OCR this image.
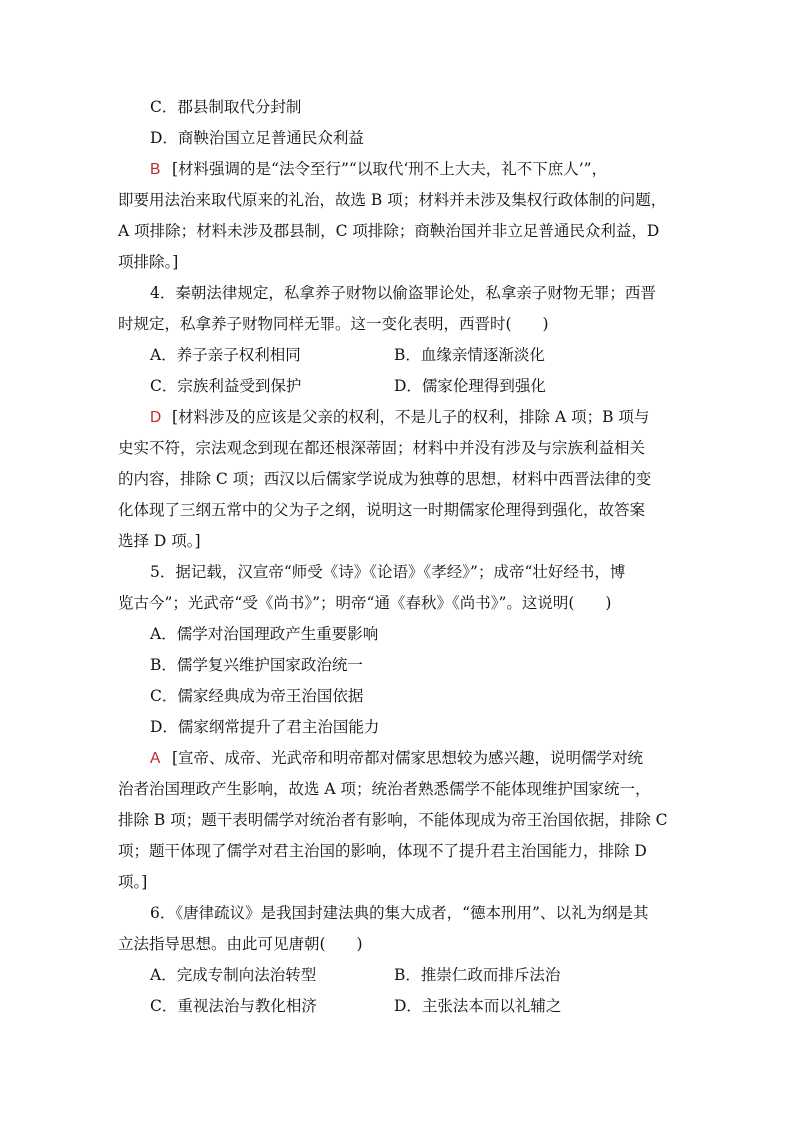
C．郡县制取代分封制
D．商鞅治国立足普通民众利益
B [材料强调的是“法令至行”“以取代‘刑不上大夫，礼不下庶人’”，
即要用法治来取代原来的礼治，故选 B 项；材料并未涉及集权行政体制的问题，
A 项排除；材料未涉及郡县制，C 项排除；商鞅治国并非立足普通民众利益，D
项排除。]
4．秦朝法律规定，私拿养子财物以偷盗罪论处，私拿亲子财物无罪；西晋
时规定，私拿养子财物同样无罪。这一变化表明，西晋时(　　)
A．养子亲子权利相同	B．血缘亲情逐渐淡化
C．宗族利益受到保护	D．儒家伦理得到强化
D [材料涉及的应该是父亲的权利，不是儿子的权利，排除 A 项；B 项与
史实不符，宗法观念到现在都还根深蒂固；材料中并没有涉及与宗族利益相关
的内容，排除 C 项；西汉以后儒家学说成为独尊的思想，材料中西晋法律的变
化体现了三纲五常中的父为子之纲，说明这一时期儒家伦理得到强化，故答案
选择 D 项。]
5．据记载，汉宣帝“师受《诗》《论语》《孝经》”；成帝“壮好经书，博
览古今”；光武帝“受《尚书》”；明帝“通《春秋》《尚书》”。这说明(　　)
A．儒学对治国理政产生重要影响
B．儒学复兴维护国家政治统一
C．儒家经典成为帝王治国依据
D．儒家纲常提升了君主治国能力
A [宣帝、成帝、光武帝和明帝都对儒家思想较为感兴趣，说明儒学对统
治者治国理政产生影响，故选 A 项；统治者熟悉儒学不能体现维护国家统一，
排除 B 项；题干表明儒学对统治者有影响，不能体现成为帝王治国依据，排除 C
项；题干体现了儒学对君主治国的影响，体现不了提升君主治国能力，排除 D
项。]
6．《唐律疏议》是我国封建法典的集大成者，“德本刑用”、以礼为纲是其
立法指导思想。由此可见唐朝(　　)
A．完成专制向法治转型	B．推崇仁政而排斥法治
C．重视法治与教化相济	D．主张法本而以礼辅之
